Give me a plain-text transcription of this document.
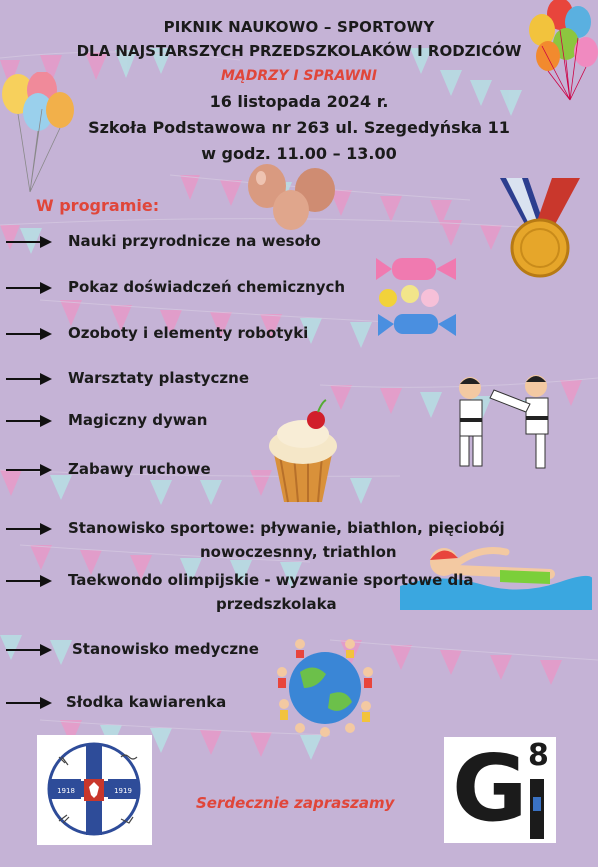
PIKNIK NAUKOWO – SPORTOWY
DLA NAJSTARSZYCH PRZEDSZKOLAKÓW I RODZICÓW
MĄDRZY I SPRAWNI
16 listopada 2024 r.
Szkoła Podstawowa nr 263 ul. Szegedyńska 11
w godz. 11.00 – 13.00
W programie:
Nauki przyrodnicze na wesoło
Pokaz doświadczeń chemicznych
Ozoboty i elementy robotyki
Warsztaty plastyczne
Magiczny dywan
Zabawy ruchowe
Stanowisko sportowe: pływanie, biathlon, pięciobój
nowoczesnny, triathlon
Taekwondo olimpijskie - wyzwanie sportowe dla
przedszkolaka
Stanowisko medyczne
Słodka kawiarenka
1918	1919
Serdecznie zapraszamy G 8
